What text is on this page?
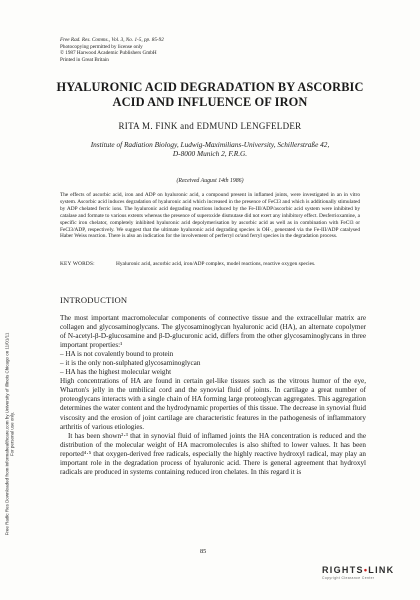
Free Rad. Res. Comms., Vol. 3, No. 1-5, pp. 85-92
Photocopying permitted by license only
© 1987 Harwood Academic Publishers GmbH
Printed in Great Britain
HYALURONIC ACID DEGRADATION BY ASCORBIC
ACID AND INFLUENCE OF IRON
RITA M. FINK and EDMUND LENGFELDER
Institute of Radiation Biology, Ludwig-Maximilians-University, Schillerstraße 42,
D-8000 Munich 2, F.R.G.
(Received August 14th 1986)
The effects of ascorbic acid, iron and ADP on hyaluronic acid, a compound present in inflamed joints, were investigated in an in vitro system. Ascorbic acid induces degradation of hyaluronic acid which increased in the presence of FeCl3 and which is additionally stimulated by ADP chelated ferric ions. The hyaluronic acid degrading reactions induced by the Fe-III/ADP/ascorbic acid system were inhibited by catalase and formate to various extents whereas the presence of superoxide dismutase did not exert any inhibitory effect. Desferrioxamine, a specific iron chelator, completely inhibited hyaluronic acid depolymerisation by ascorbic acid as well as in combination with FeCl3 or FeCl3/ADP, respectively. We suggest that the ultimate hyaluronic acid degrading species is OH·, generated via the Fe-III/ADP catalysed Haber Weiss reaction. There is also an indication for the involvement of perferryl or/and ferryl species in the degradation process.
KEY WORDS:	Hyaluronic acid, ascorbic acid, iron/ADP complex, model reactions, reactive oxygen species.
Free Radic Res Downloaded from informahealthcare.com by University of Illinois Chicago on 11/01/11 For personal use only.
INTRODUCTION

The most important macromolecular components of connective tissue and the extracellular matrix are collagen and glycosaminoglycans. The glycosaminoglycan hyaluronic acid (HA), an alternate copolymer of N-acetyl-β-D-glucosamine and β-D-glucuronic acid, differs from the other glycosaminoglycans in three important properties:¹

– HA is not covalently bound to protein
– it is the only non-sulphated glycosaminoglycan
– HA has the highest molecular weight

High concentrations of HA are found in certain gel-like tissues such as the vitrous humor of the eye, Wharton's jelly in the umbilical cord and the synovial fluid of joints. In cartilage a great number of proteoglycans interacts with a single chain of HA forming large proteoglycan aggregates. This aggregation determines the water content and the hydrodynamic properties of this tissue. The decrease in synovial fluid viscosity and the erosion of joint cartilage are characteristic features in the pathogenesis of inflammatory arthritis of various etiologies.

It has been shown²·³ that in synovial fluid of inflamed joints the HA concentration is reduced and the distribution of the molecular weight of HA macromolecules is also shifted to lower values. It has been reported⁴·⁵ that oxygen-derived free radicals, especially the highly reactive hydroxyl radical, may play an important role in the degradation process of hyaluronic acid. There is general agreement that hydroxyl radicals are produced in systems containing reduced iron chelates. In this regard it is

85
RIGHTS•LINK
Copyright Clearance Center
